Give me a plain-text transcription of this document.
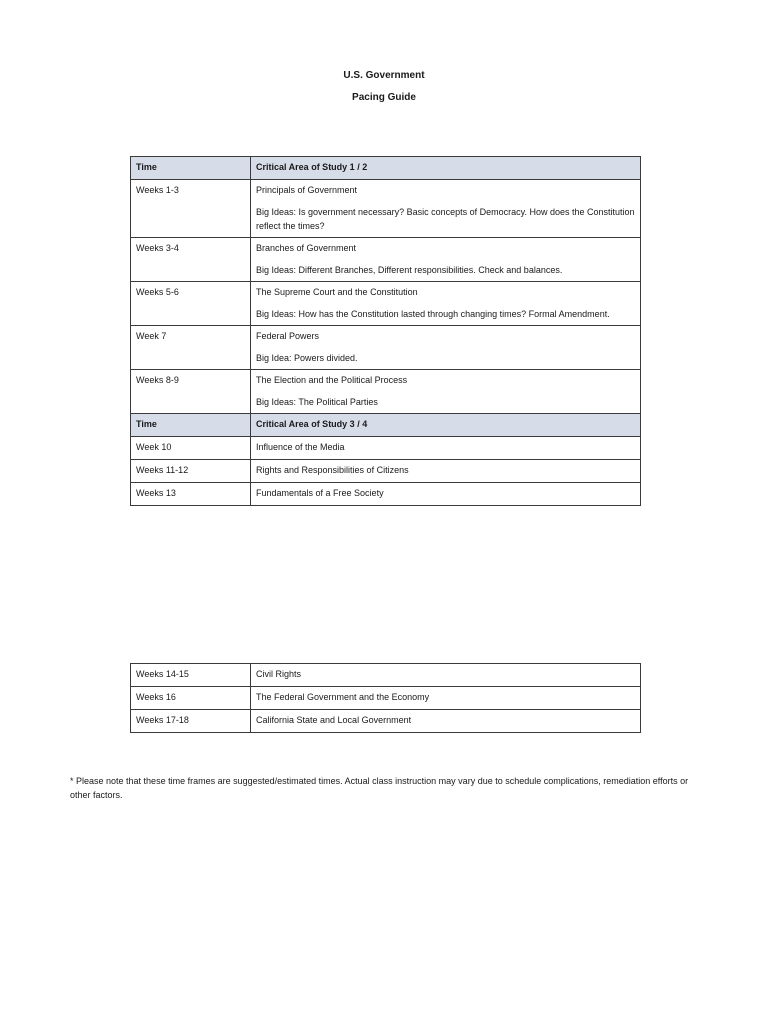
U.S. Government
Pacing Guide
Time	Critical Area of Study 1 / 2
Weeks 1-3	Principals of Government
Big Ideas: Is government necessary? Basic concepts of Democracy. How does the Constitution reflect the times?

Weeks 3-4	Branches of Government
Big Ideas: Different Branches, Different responsibilities. Check and balances.

Weeks 5-6	The Supreme Court and the Constitution
Big Ideas: How has the Constitution lasted through changing times? Formal Amendment.

Week 7	Federal Powers
Big Idea: Powers divided.

Weeks 8-9	The Election and the Political Process
Big Ideas: The Political Parties

Time	Critical Area of Study 3 / 4
Week 10	Influence of the Media
Weeks 11-12	Rights and Responsibilities of Citizens
Weeks 13	Fundamentals of a Free Society
Weeks 14-15	Civil Rights
Weeks 16	The Federal Government and the Economy
Weeks 17-18	California State and Local Government
* Please note that these time frames are suggested/estimated times. Actual class instruction may vary due to schedule complications, remediation efforts or other factors.
